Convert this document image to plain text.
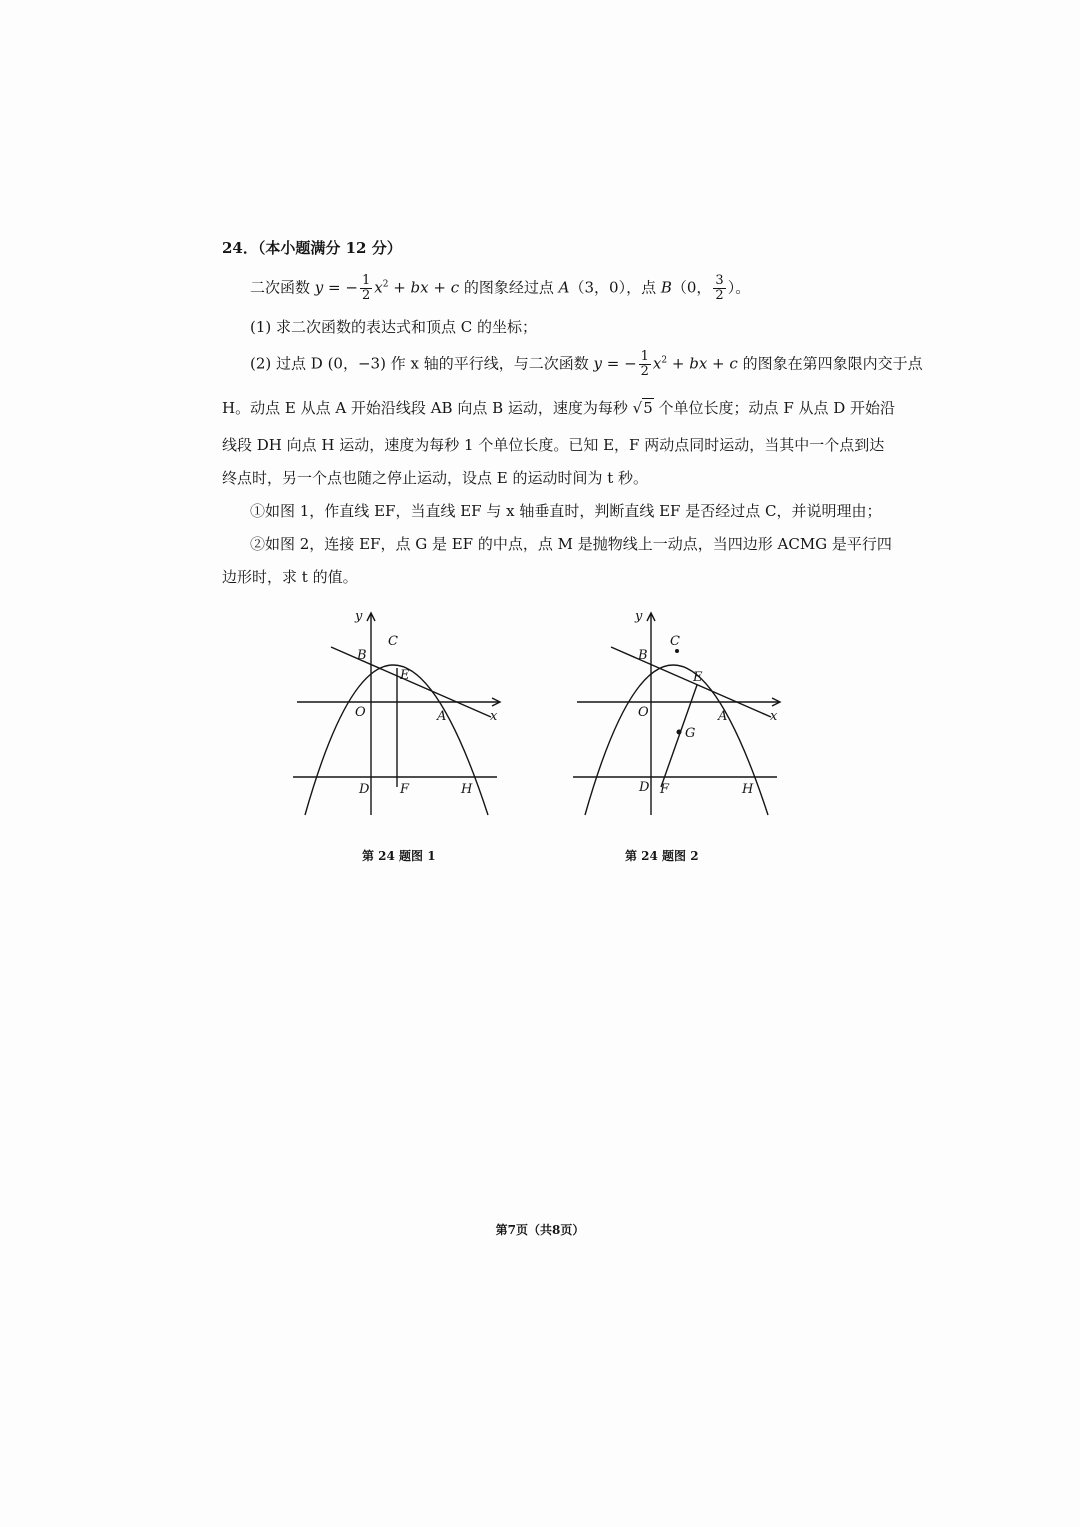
24．（本小题满分 12 分）
二次函数 y = − $\frac{1}{2} x^2$ + bx + c 的图象经过点 A（3，0），点 B（0， $\frac{3}{2}$ ）。
(1) 求二次函数的表达式和顶点 C 的坐标；
(2) 过点 D (0，−3) 作 x 轴的平行线，与二次函数 y = − $\frac{1}{2} x^2$ + bx + c 的图象在第四象限内交于点
H。动点 E 从点 A 开始沿线段 AB 向点 B 运动，速度为每秒 √5 个单位长度；动点 F 从点 D 开始沿
线段 DH 向点 H 运动，速度为每秒 1 个单位长度。已知 E，F 两动点同时运动，当其中一个点到达
终点时，另一个点也随之停止运动，设点 E 的运动时间为 t 秒。
①如图 1，作直线 EF，当直线 EF 与 x 轴垂直时，判断直线 EF 是否经过点 C，并说明理由；
②如图 2，连接 EF，点 G 是 EF 的中点，点 M 是抛物线上一动点，当四边形 ACMG 是平行四
边形时，求 t 的值。
y
x
O	A
B
C
D
E
F	H
第 24 题图 1
y
x
O	A
B
C
D
E
F
G
H
第 24 题图 2
第7页（共8页）
